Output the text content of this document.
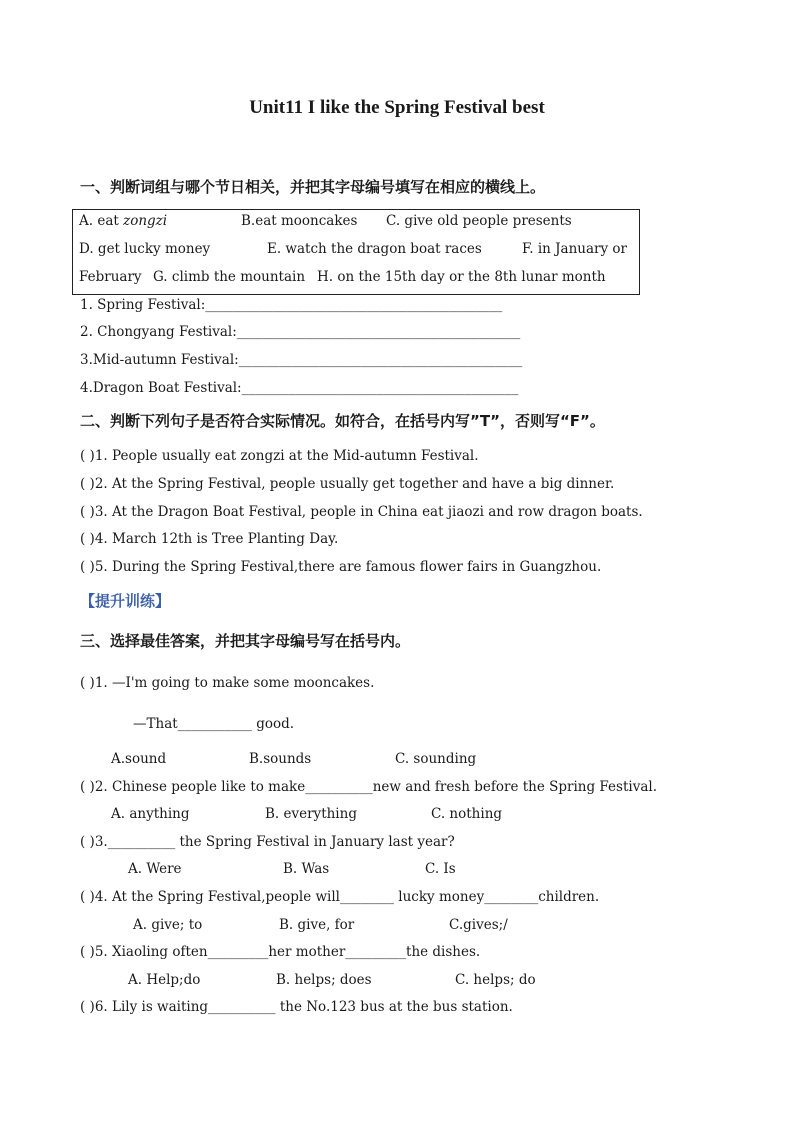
Unit11 I like the Spring Festival best
一、判断词组与哪个节日相关，并把其字母编号填写在相应的横线上。
A. eat zongzi	B.eat mooncakes C. give old people presents
D. get lucky money	E. watch the dragon boat races	F. in January or
February G. climb the mountain H. on the 15th day or the 8th lunar month
1. Spring Festival:____________________________________________
2. Chongyang Festival:__________________________________________
3.Mid-autumn Festival:__________________________________________
4.Dragon Boat Festival:_________________________________________
二、判断下列句子是否符合实际情况。如符合，在括号内写”T”，否则写“F”。
( )1. People usually eat zongzi at the Mid-autumn Festival.
( )2. At the Spring Festival, people usually get together and have a big dinner.
( )3. At the Dragon Boat Festival, people in China eat jiaozi and row dragon boats.
( )4. March 12th is Tree Planting Day.
( )5. During the Spring Festival,there are famous flower fairs in Guangzhou.
【提升训练】
三、选择最佳答案，并把其字母编号写在括号内。
( )1. —I'm going to make some mooncakes.
—That___________ good.
A.sound	B.sounds	C. sounding
( )2. Chinese people like to make__________new and fresh before the Spring Festival.
A. anything	B. everything	C. nothing
( )3.__________ the Spring Festival in January last year?
A. Were	B. Was	C. Is
( )4. At the Spring Festival,people will________ lucky money________children.
A. give; to	B. give, for	C.gives;/
( )5. Xiaoling often_________her mother_________the dishes.
A. Help;do	B. helps; does	C. helps; do
( )6. Lily is waiting__________ the No.123 bus at the bus station.
